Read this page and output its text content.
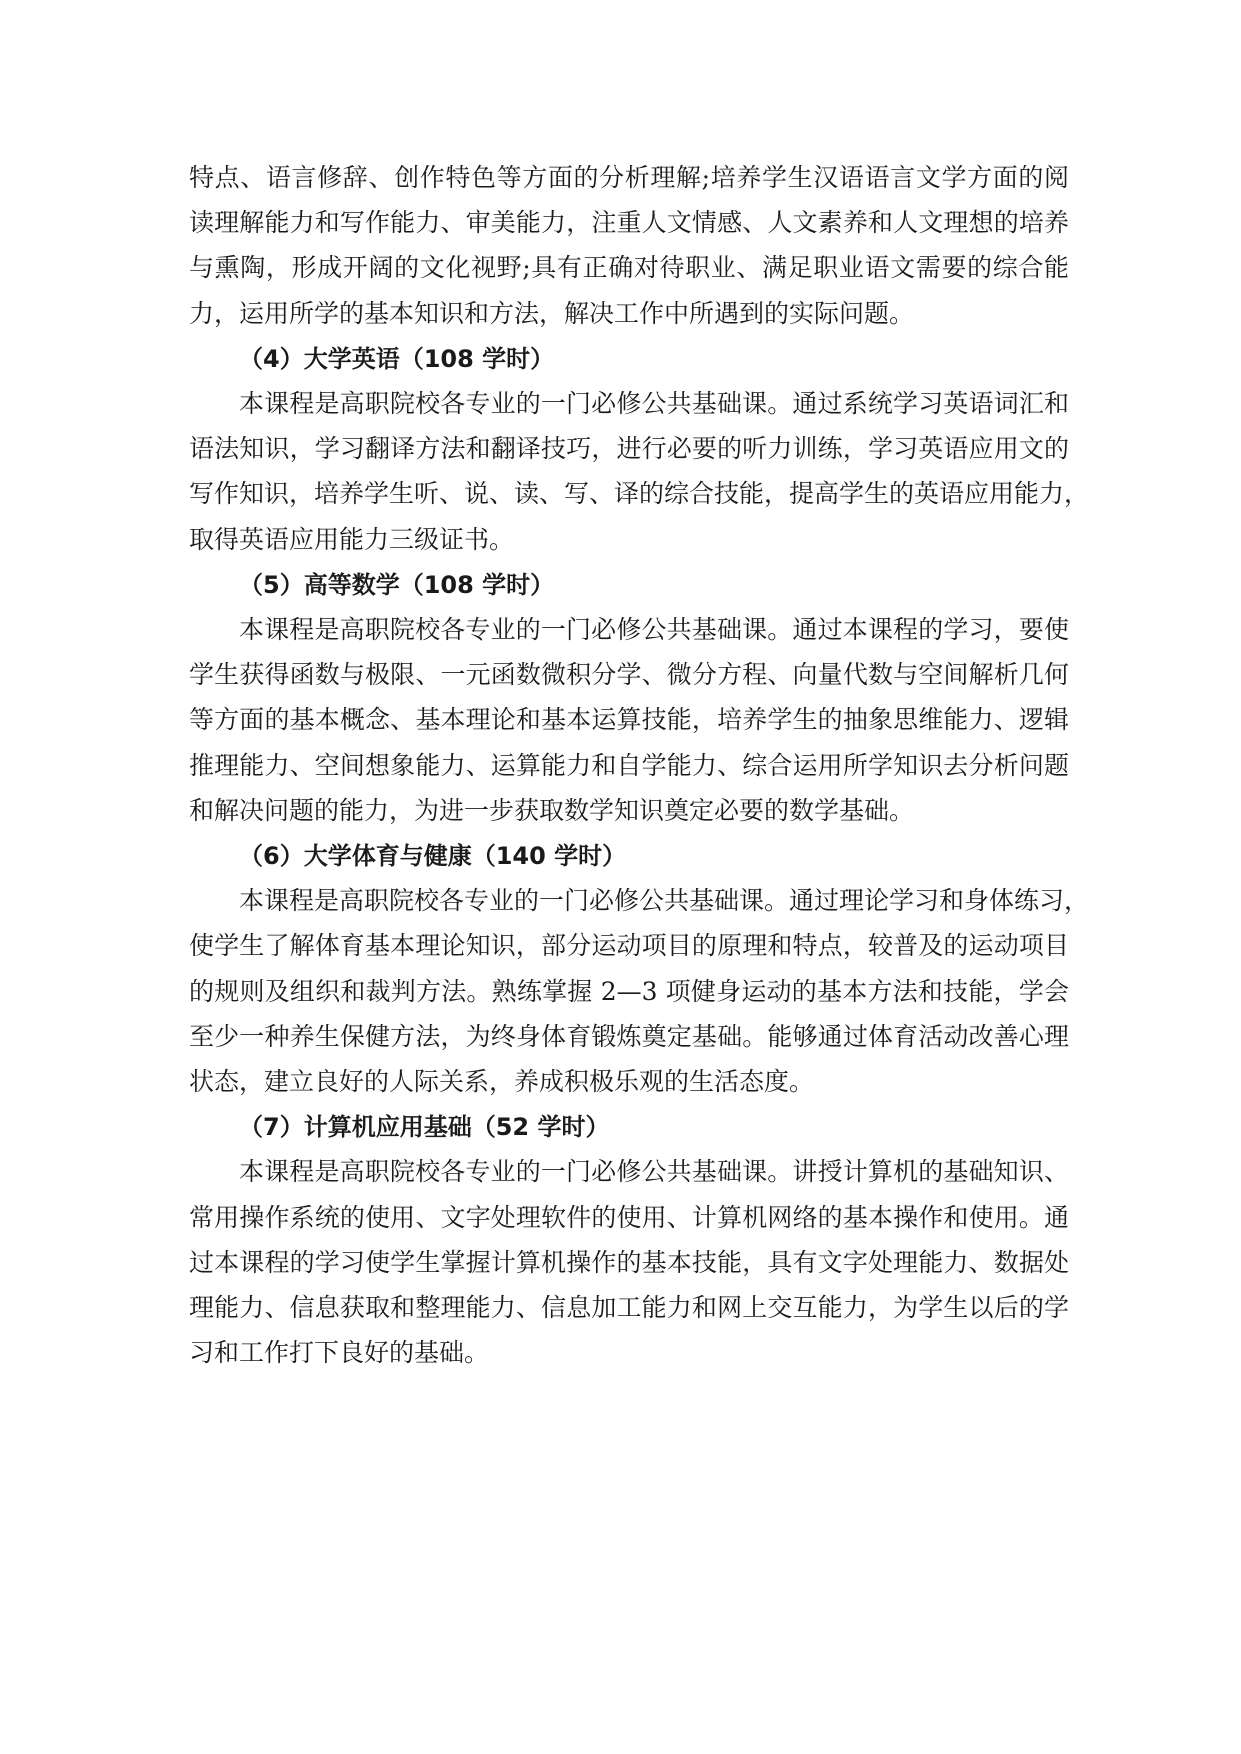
特点、语言修辞、创作特色等方面的分析理解;培养学生汉语语言文学方面的阅
读理解能力和写作能力、审美能力，注重人文情感、人文素养和人文理想的培养
与熏陶，形成开阔的文化视野;具有正确对待职业、满足职业语文需要的综合能
力，运用所学的基本知识和方法，解决工作中所遇到的实际问题。
（4）大学英语（108 学时）
本课程是高职院校各专业的一门必修公共基础课。通过系统学习英语词汇和
语法知识，学习翻译方法和翻译技巧，进行必要的听力训练，学习英语应用文的
写作知识，培养学生听、说、读、写、译的综合技能，提高学生的英语应用能力，
取得英语应用能力三级证书。
（5）高等数学（108 学时）
本课程是高职院校各专业的一门必修公共基础课。通过本课程的学习，要使
学生获得函数与极限、一元函数微积分学、微分方程、向量代数与空间解析几何
等方面的基本概念、基本理论和基本运算技能，培养学生的抽象思维能力、逻辑
推理能力、空间想象能力、运算能力和自学能力、综合运用所学知识去分析问题
和解决问题的能力，为进一步获取数学知识奠定必要的数学基础。
（6）大学体育与健康（140 学时）
本课程是高职院校各专业的一门必修公共基础课。通过理论学习和身体练习，
使学生了解体育基本理论知识，部分运动项目的原理和特点，较普及的运动项目
的规则及组织和裁判方法。熟练掌握 2—3 项健身运动的基本方法和技能，学会
至少一种养生保健方法，为终身体育锻炼奠定基础。能够通过体育活动改善心理
状态，建立良好的人际关系，养成积极乐观的生活态度。
（7）计算机应用基础（52 学时）
本课程是高职院校各专业的一门必修公共基础课。讲授计算机的基础知识、
常用操作系统的使用、文字处理软件的使用、计算机网络的基本操作和使用。通
过本课程的学习使学生掌握计算机操作的基本技能，具有文字处理能力、数据处
理能力、信息获取和整理能力、信息加工能力和网上交互能力，为学生以后的学
习和工作打下良好的基础。
